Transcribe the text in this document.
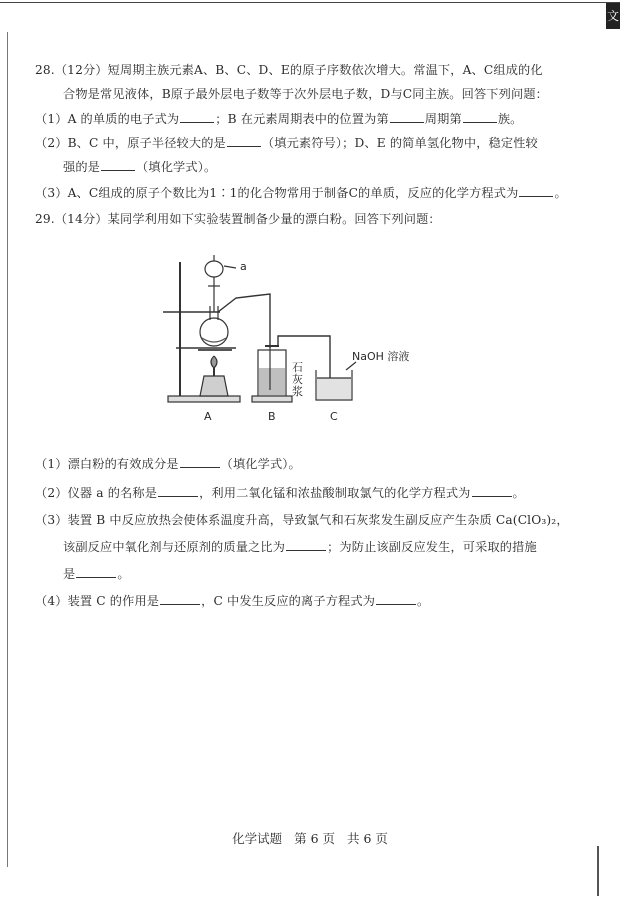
文
28.（12分）短周期主族元素A、B、C、D、E的原子序数依次增大。常温下，A、C组成的化
合物是常见液体，B原子最外层电子数等于次外层电子数，D与C同主族。回答下列问题：
（1）A 的单质的电子式为	；B 在元素周期表中的位置为第	周期第	族。
（2）B、C 中，原子半径较大的是	（填元素符号）；D、E 的简单氢化物中，稳定性较
强的是	（填化学式）。
（3）A、C组成的原子个数比为1∶1的化合物常用于制备C的单质，反应的化学方程式为	。
29.（14分）某同学利用如下实验装置制备少量的漂白粉。回答下列问题：
a
NaOH 溶液
石灰浆
A	B	C
（1）漂白粉的有效成分是	（填化学式）。
（2）仪器 a 的名称是	，利用二氧化锰和浓盐酸制取氯气的化学方程式为	。
（3）装置 B 中反应放热会使体系温度升高，导致氯气和石灰浆发生副反应产生杂质 Ca(ClO₃)₂，
该副反应中氧化剂与还原剂的质量之比为	；为防止该副反应发生，可采取的措施
是	。
（4）装置 C 的作用是	，C 中发生反应的离子方程式为	。
化学试题 第 6 页 共 6 页
